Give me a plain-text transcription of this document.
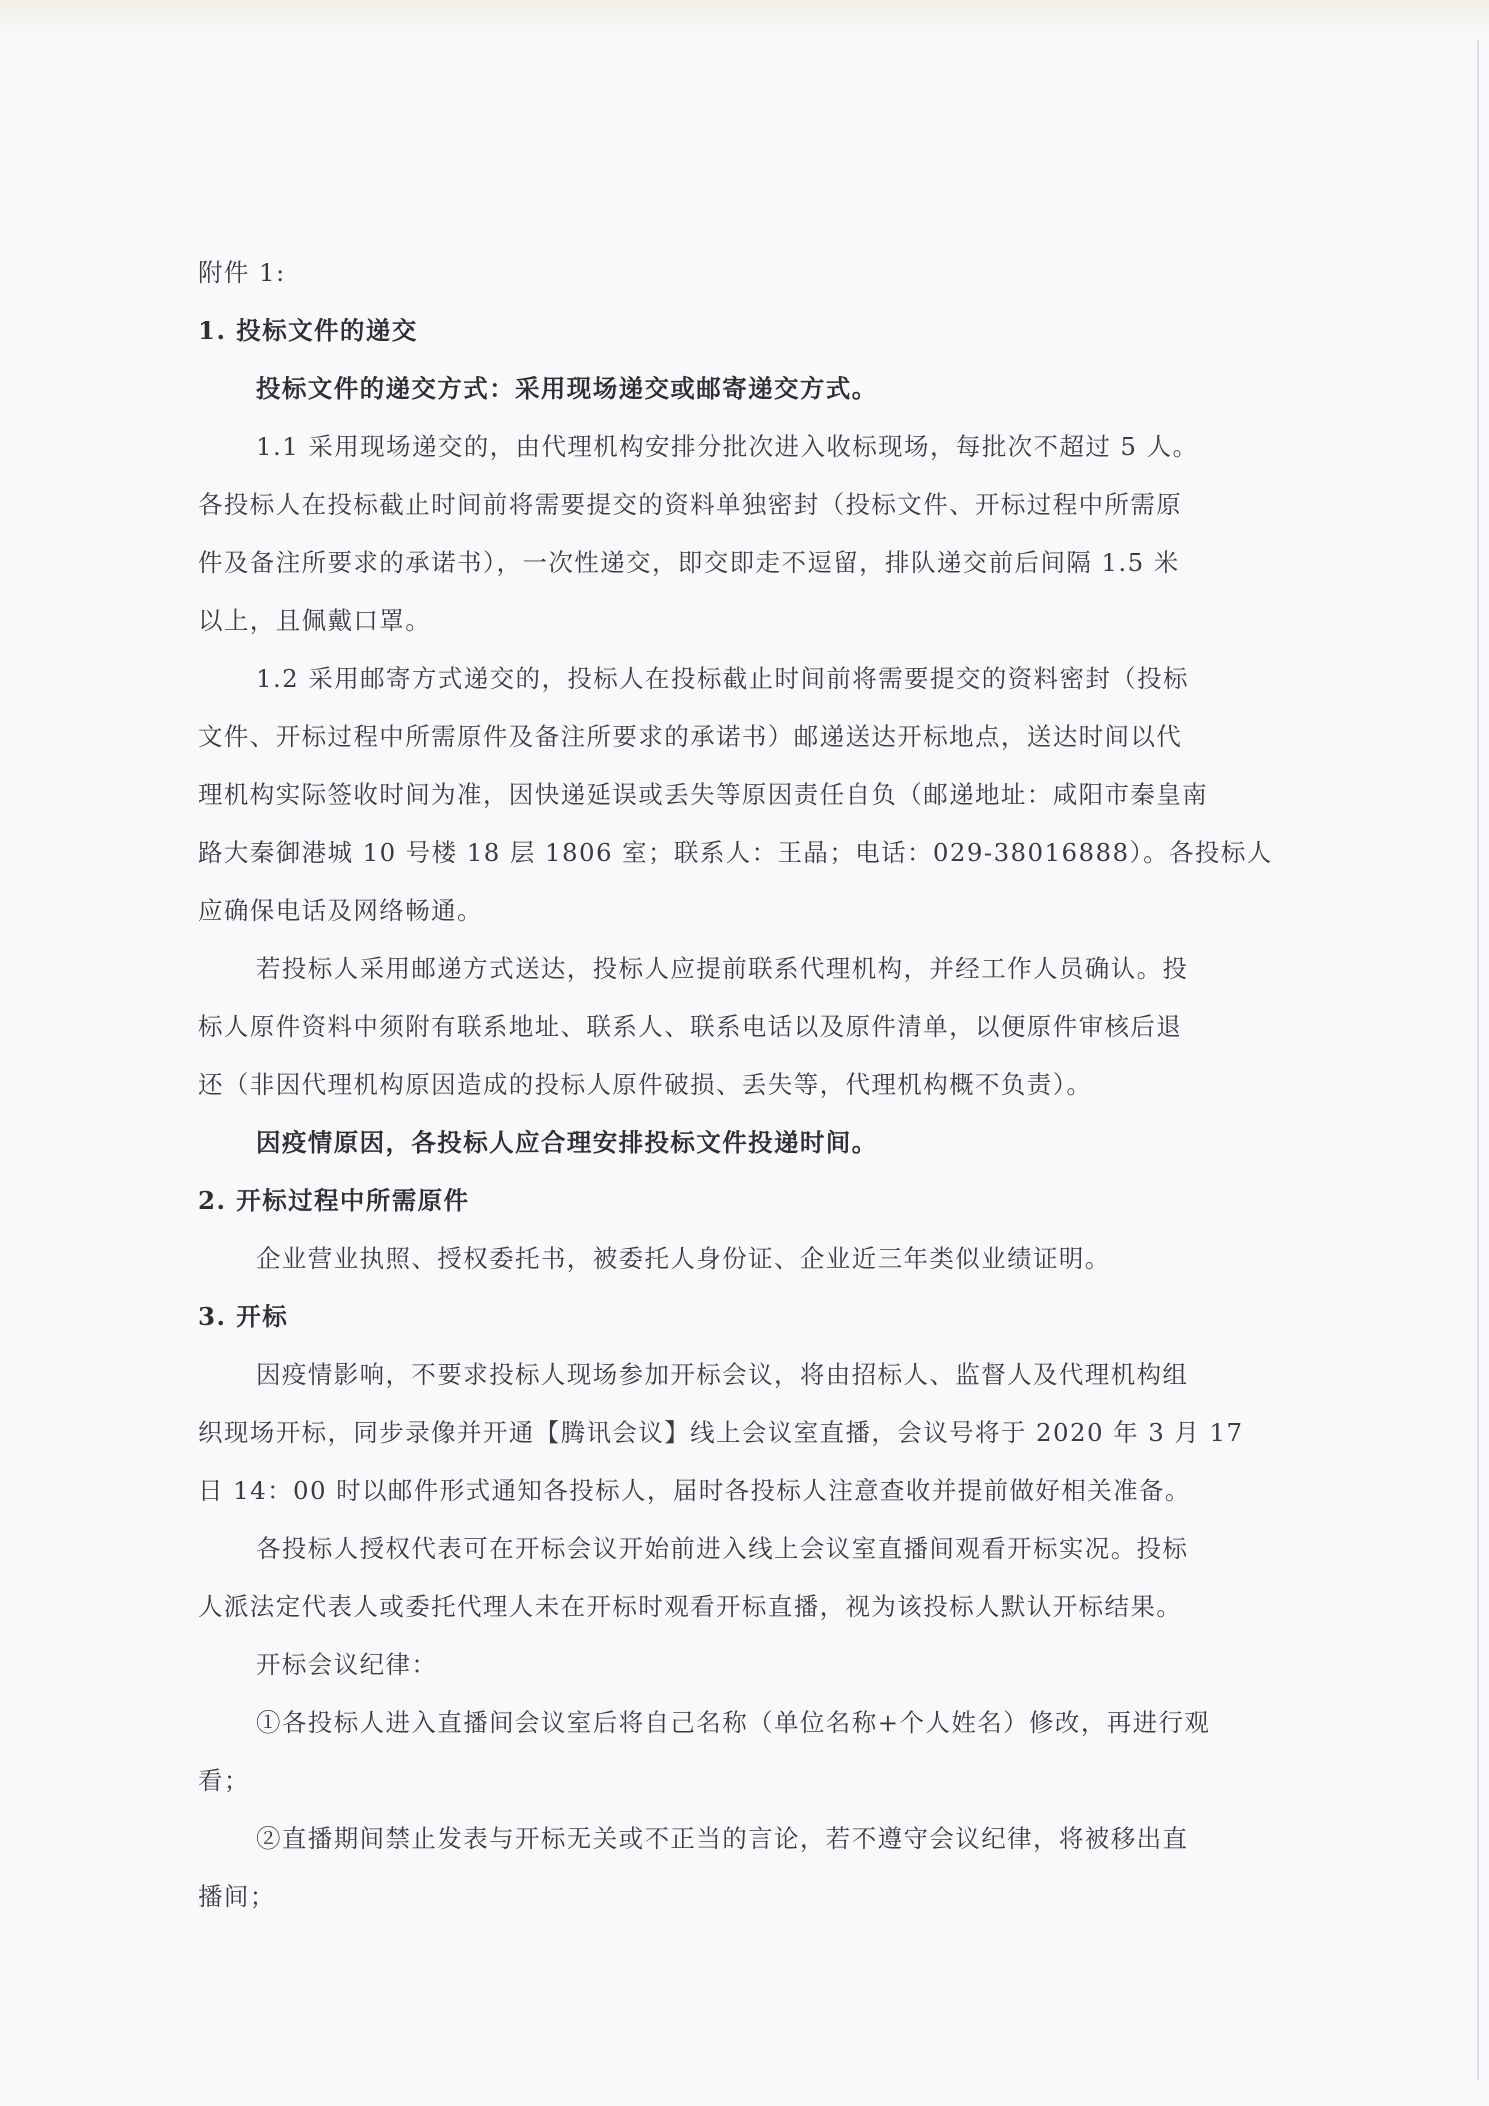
附件 1:
1. 投标文件的递交
投标文件的递交方式：采用现场递交或邮寄递交方式。
1.1 采用现场递交的，由代理机构安排分批次进入收标现场，每批次不超过 5 人。
各投标人在投标截止时间前将需要提交的资料单独密封（投标文件、开标过程中所需原
件及备注所要求的承诺书），一次性递交，即交即走不逗留，排队递交前后间隔 1.5 米
以上，且佩戴口罩。
1.2 采用邮寄方式递交的，投标人在投标截止时间前将需要提交的资料密封（投标
文件、开标过程中所需原件及备注所要求的承诺书）邮递送达开标地点，送达时间以代
理机构实际签收时间为准，因快递延误或丢失等原因责任自负（邮递地址：咸阳市秦皇南
路大秦御港城 10 号楼 18 层 1806 室；联系人：王晶；电话：029-38016888）。各投标人
应确保电话及网络畅通。
若投标人采用邮递方式送达，投标人应提前联系代理机构，并经工作人员确认。投
标人原件资料中须附有联系地址、联系人、联系电话以及原件清单，以便原件审核后退
还（非因代理机构原因造成的投标人原件破损、丢失等，代理机构概不负责）。
因疫情原因，各投标人应合理安排投标文件投递时间。
2. 开标过程中所需原件
企业营业执照、授权委托书，被委托人身份证、企业近三年类似业绩证明。
3. 开标
因疫情影响，不要求投标人现场参加开标会议，将由招标人、监督人及代理机构组
织现场开标，同步录像并开通【腾讯会议】线上会议室直播，会议号将于 2020 年 3 月 17
日 14：00 时以邮件形式通知各投标人，届时各投标人注意查收并提前做好相关准备。
各投标人授权代表可在开标会议开始前进入线上会议室直播间观看开标实况。投标
人派法定代表人或委托代理人未在开标时观看开标直播，视为该投标人默认开标结果。
开标会议纪律：
①各投标人进入直播间会议室后将自己名称（单位名称+个人姓名）修改，再进行观
看；
②直播期间禁止发表与开标无关或不正当的言论，若不遵守会议纪律，将被移出直
播间；
